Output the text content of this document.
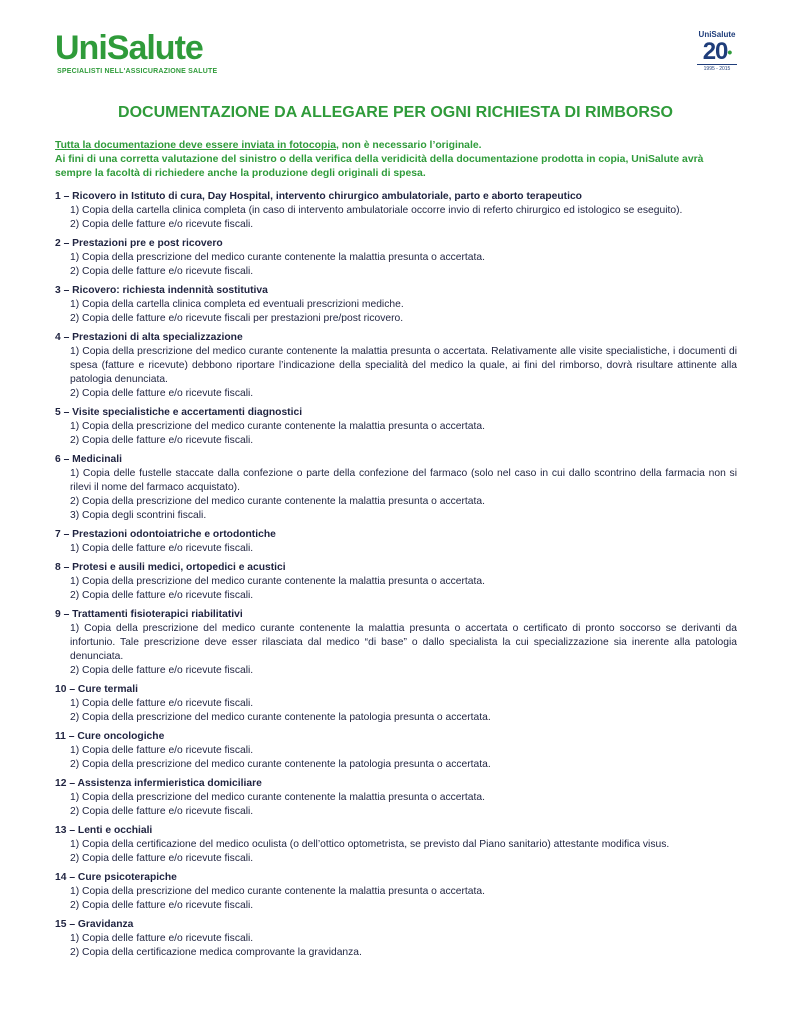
UniSalute
SPECIALISTI NELL'ASSICURAZIONE SALUTE
UniSalute
20•
1995 - 2015
DOCUMENTAZIONE DA ALLEGARE PER OGNI RICHIESTA DI RIMBORSO
Tutta la documentazione deve essere inviata in fotocopia, non è necessario l’originale.
Ai fini di una corretta valutazione del sinistro o della verifica della veridicità della documentazione prodotta in copia, UniSalute avrà sempre la facoltà di richiedere anche la produzione degli originali di spesa.
1 – Ricovero in Istituto di cura, Day Hospital, intervento chirurgico ambulatoriale, parto e aborto terapeutico
1) Copia della cartella clinica completa (in caso di intervento ambulatoriale occorre invio di referto chirurgico ed istologico se eseguito).
2) Copia delle fatture e/o ricevute fiscali.
2 – Prestazioni pre e post ricovero
1) Copia della prescrizione del medico curante contenente la malattia presunta o accertata.
2) Copia delle fatture e/o ricevute fiscali.
3 – Ricovero: richiesta indennità sostitutiva
1) Copia della cartella clinica completa ed eventuali prescrizioni mediche.
2) Copia delle fatture e/o ricevute fiscali per prestazioni pre/post ricovero.
4 – Prestazioni di alta specializzazione
1) Copia della prescrizione del medico curante contenente la malattia presunta o accertata. Relativamente alle visite specialistiche, i documenti di spesa (fatture e ricevute) debbono riportare l’indicazione della specialità del medico la quale, ai fini del rimborso, dovrà risultare attinente alla patologia denunciata.
2) Copia delle fatture e/o ricevute fiscali.
5 – Visite specialistiche e accertamenti diagnostici
1) Copia della prescrizione del medico curante contenente la malattia presunta o accertata.
2) Copia delle fatture e/o ricevute fiscali.
6 – Medicinali
1) Copia delle fustelle staccate dalla confezione o parte della confezione del farmaco (solo nel caso in cui dallo scontrino della farmacia non si rilevi il nome del farmaco acquistato).
2) Copia della prescrizione del medico curante contenente la malattia presunta o accertata.
3) Copia degli scontrini fiscali.
7 – Prestazioni odontoiatriche e ortodontiche
1) Copia delle fatture e/o ricevute fiscali.
8 – Protesi e ausili medici, ortopedici e acustici
1) Copia della prescrizione del medico curante contenente la malattia presunta o accertata.
2) Copia delle fatture e/o ricevute fiscali.
9 – Trattamenti fisioterapici riabilitativi
1) Copia della prescrizione del medico curante contenente la malattia presunta o accertata o certificato di pronto soccorso se derivanti da infortunio. Tale prescrizione deve esser rilasciata dal medico “di base” o dallo specialista la cui specializzazione sia inerente alla patologia denunciata.
2) Copia delle fatture e/o ricevute fiscali.
10 – Cure termali
1) Copia delle fatture e/o ricevute fiscali.
2) Copia della prescrizione del medico curante contenente la patologia presunta o accertata.
11 – Cure oncologiche
1) Copia delle fatture e/o ricevute fiscali.
2) Copia della prescrizione del medico curante contenente la patologia presunta o accertata.
12 – Assistenza infermieristica domiciliare
1) Copia della prescrizione del medico curante contenente la malattia presunta o accertata.
2) Copia delle fatture e/o ricevute fiscali.
13 – Lenti e occhiali
1) Copia della certificazione del medico oculista (o dell’ottico optometrista, se previsto dal Piano sanitario) attestante modifica visus.
2) Copia delle fatture e/o ricevute fiscali.
14 – Cure psicoterapiche
1) Copia della prescrizione del medico curante contenente la malattia presunta o accertata.
2) Copia delle fatture e/o ricevute fiscali.
15 – Gravidanza
1) Copia delle fatture e/o ricevute fiscali.
2) Copia della certificazione medica comprovante la gravidanza.
